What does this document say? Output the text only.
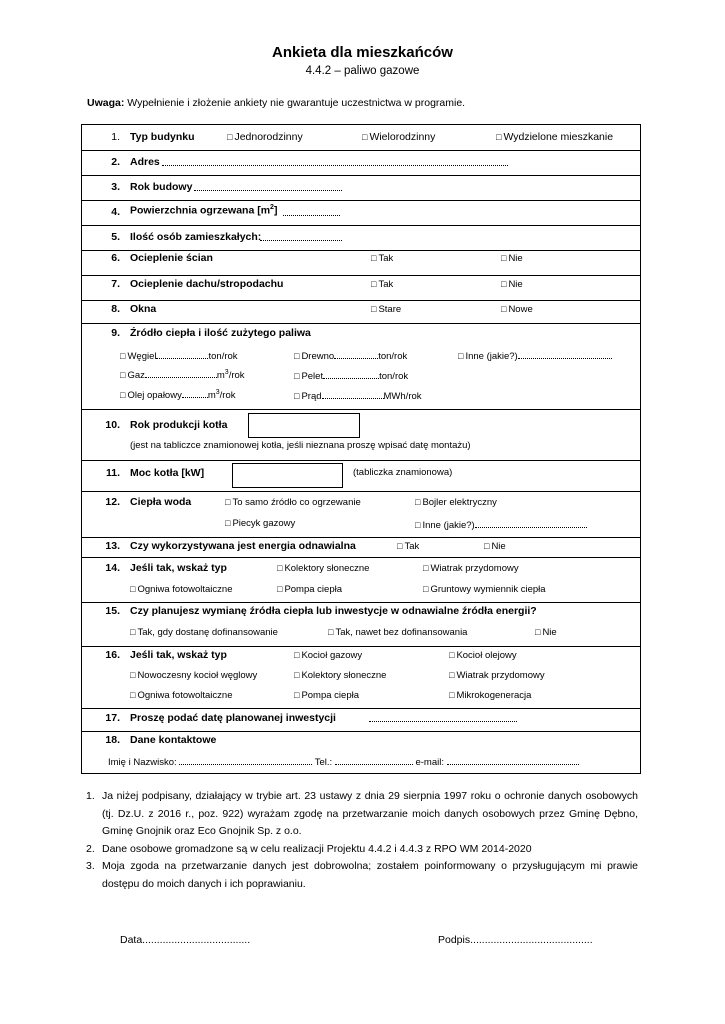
Ankieta dla mieszkańców
4.4.2 – paliwo gazowe
Uwaga: Wypełnienie i złożenie ankiety nie gwarantuje uczestnictwa w programie.
1. Typ budynku	□ Jednorodzinny	□ Wielorodzinny	□ Wydzielone mieszkanie
2. Adres
3. Rok budowy
4. Powierzchnia ogrzewana $[m^2]$
5. Ilość osób zamieszkałych:
6. Ocieplenie ścian	□ Tak	□ Nie
7. Ocieplenie dachu/stropodachu	□ Tak	□ Nie
8. Okna	□ Stare	□ Nowe
9. Źródło ciepła i ilość zużytego paliwa
□ Węgiel	ton/rok □	Drewno	ton/rok □	Inne (jakie?)
□ Gaz	$m^3$/rok □	Pelet	ton/rok
□ Olej opałowy	$m^3$/rok □	Prąd	MWh/rok
10. Rok produkcji kotła
(jest na tabliczce znamionowej kotła, jeśli nieznana proszę wpisać datę montażu)
11. Moc kotła [kW]	(tabliczka znamionowa)
12. Ciepła woda	□ To samo źródło co ogrzewanie	□ Bojler elektryczny
□ Piecyk gazowy □	Inne (jakie?)
13. Czy wykorzystywana jest energia odnawialna	□ Tak	□ Nie
14. Jeśli tak, wskaż typ	□ Kolektory słoneczne	□ Wiatrak przydomowy
□ Ogniwa fotowoltaiczne	□ Pompa ciepła	□ Gruntowy wymiennik ciepła
15. Czy planujesz wymianę źródła ciepła lub inwestycje w odnawialne źródła energii?
□ Tak, gdy dostanę dofinansowanie	□ Tak, nawet bez dofinansowania	□ Nie
16. Jeśli tak, wskaż typ	□ Kocioł gazowy	□ Kocioł olejowy
□ Nowoczesny kocioł węglowy	□ Kolektory słoneczne	□ Wiatrak przydomowy
□ Ogniwa fotowoltaiczne	□ Pompa ciepła	□ Mikrokogeneracja
17. Proszę podać datę planowanej inwestycji
18. Dane kontaktowe
Imię i Nazwisko:	Tel.:	e-mail:
1. Ja niżej podpisany, działający w trybie art. 23 ustawy z dnia 29 sierpnia 1997 roku o ochronie danych osobowych (tj. Dz.U. z 2016 r., poz. 922) wyrażam zgodę na przetwarzanie moich danych osobowych przez Gminę Dębno, Gminę Gnojnik oraz Eco Gnojnik Sp. z o.o.
2. Dane osobowe gromadzone są w celu realizacji Projektu 4.4.2 i 4.4.3 z RPO WM 2014-2020
3. Moja zgoda na przetwarzanie danych jest dobrowolna; zostałem poinformowany o przysługującym mi prawie dostępu do moich danych i ich poprawianiu.
Data.....................................	Podpis..........................................
